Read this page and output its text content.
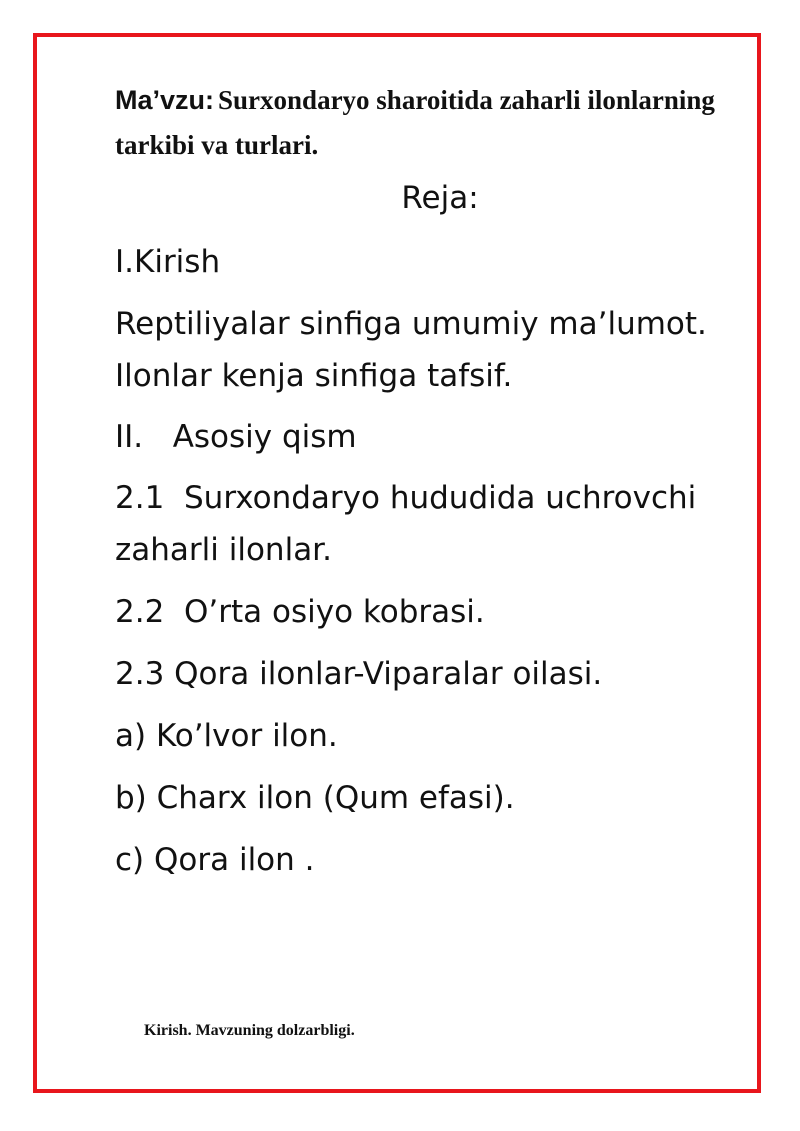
Ma’vzu: Surxondaryo sharoitida zaharli ilonlarning tarkibi va turlari.
Reja:
I.Kirish
Reptiliyalar sinfiga umumiy ma’lumot. Ilonlar kenja sinfiga tafsif.
II.   Asosiy qism
2.1  Surxondaryo hududida uchrovchi zaharli ilonlar.
2.2  O’rta osiyo kobrasi.
2.3 Qora ilonlar-Viparalar oilasi.
a) Ko’lvor ilon.
b) Charx ilon (Qum efasi).
c) Qora ilon .
Kirish. Mavzuning dolzarbligi.
